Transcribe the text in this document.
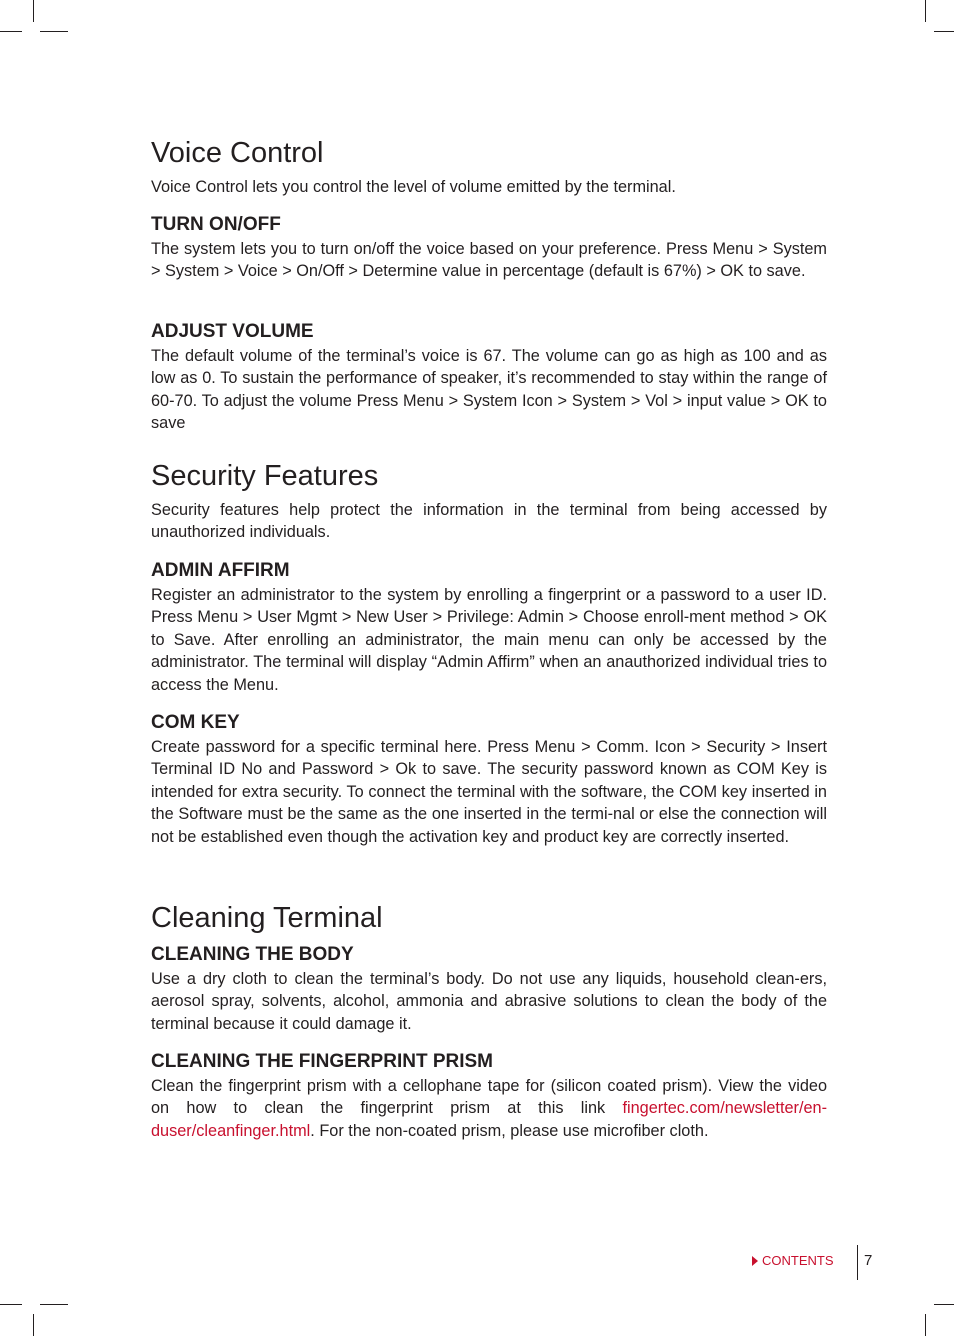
Voice Control

Voice Control lets you control the level of volume emitted by the terminal.

TURN ON/OFF

The system lets you to turn on/off the voice based on your preference. Press Menu > System > System > Voice > On/Off > Determine value in percentage (default is 67%) > OK to save.

ADJUST VOLUME

The default volume of the terminal’s voice is 67. The volume can go as high as 100 and as low as 0. To sustain the performance of speaker, it’s recommended to stay within the range of 60-70. To adjust the volume Press Menu > System Icon > System > Vol > input value > OK to save

Security Features

Security features help protect the information in the terminal from being accessed by unauthorized individuals.

ADMIN AFFIRM

Register an administrator to the system by enrolling a fingerprint or a password to a user ID. Press Menu > User Mgmt > New User > Privilege: Admin > Choose enroll-ment method > OK to Save. After enrolling an administrator, the main menu can only be accessed by the administrator. The terminal will display “Admin Affirm” when an anauthorized individual tries to access the Menu.

COM KEY

Create password for a specific terminal here. Press Menu > Comm. Icon > Security > Insert Terminal ID No and Password > Ok to save. The security password known as COM Key is intended for extra security. To connect the terminal with the software, the COM key inserted in the Software must be the same as the one inserted in the termi-nal or else the connection will not be established even though the activation key and product key are correctly inserted.

Cleaning Terminal
CLEANING THE BODY

Use a dry cloth to clean the terminal’s body. Do not use any liquids, household clean-ers, aerosol spray, solvents, alcohol, ammonia and abrasive solutions to clean the body of the terminal because it could damage it.

CLEANING THE FINGERPRINT PRISM

Clean the fingerprint prism with a cellophane tape for (silicon coated prism). View the video on how to clean the fingerprint prism at this link fingertec.com/newsletter/en-duser/cleanfinger.html. For the non-coated prism, please use microfiber cloth.

CONTENTS 7
